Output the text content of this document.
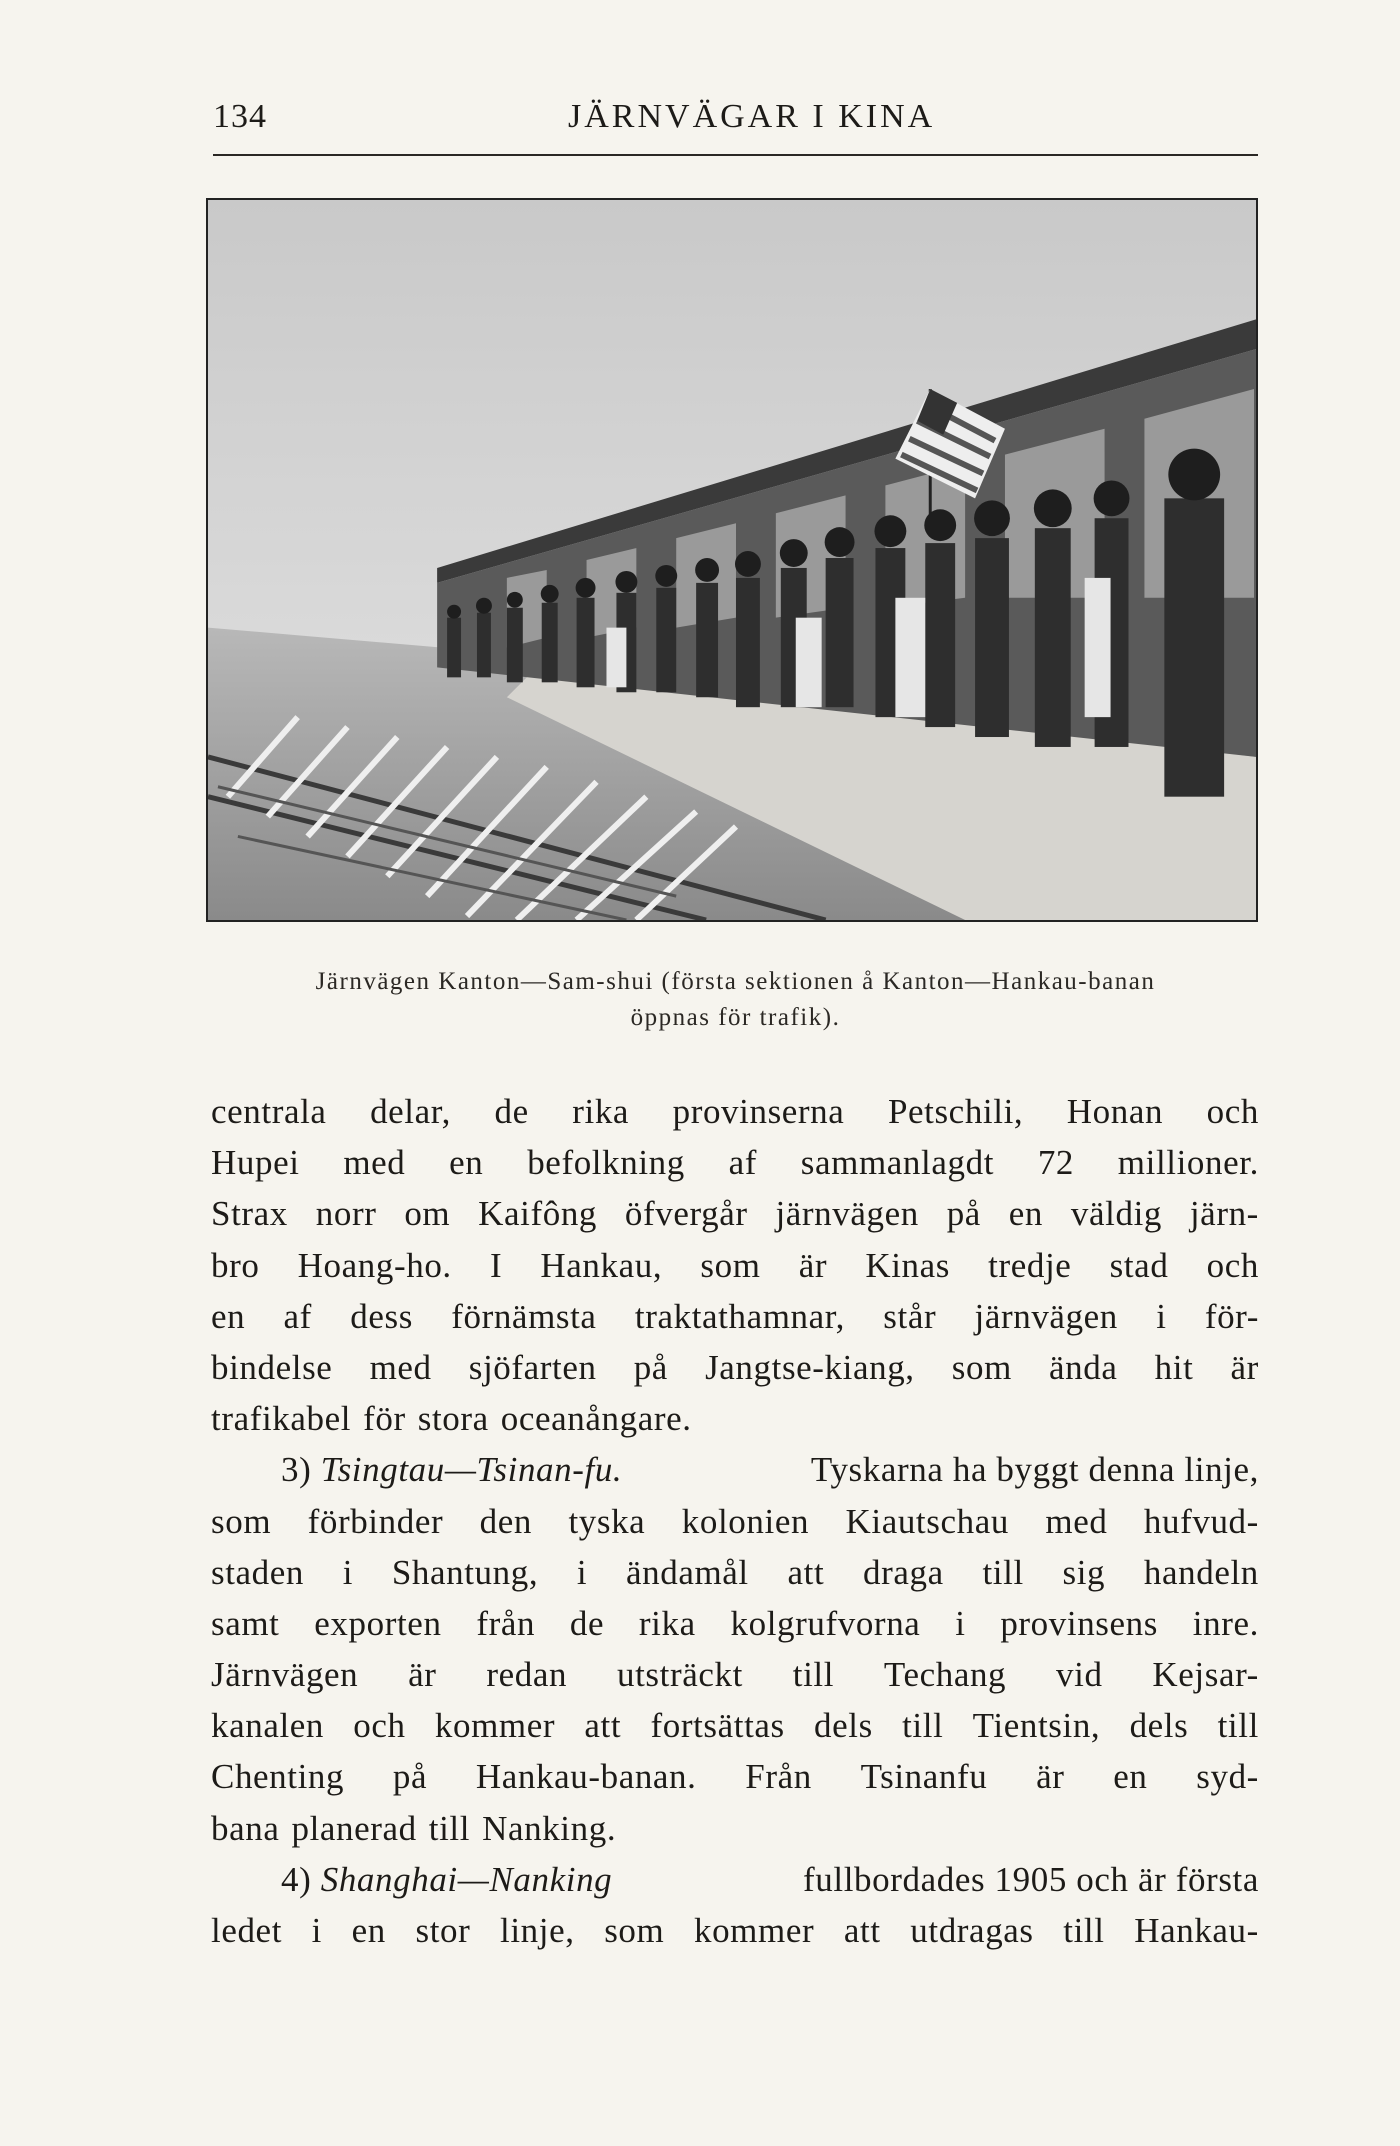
134	JÄRNVÄGAR I KINA
Järnvägen Kanton—Sam-shui (första sektionen å Kanton—Hankau-banan
öppnas för trafik).
centrala delar, de rika provinserna Petschili, Honan och
Hupei med en befolkning af sammanlagdt 72 millioner.
Strax norr om Kaifông öfvergår järnvägen på en väldig järn-
bro Hoang-ho. I Hankau, som är Kinas tredje stad och
en af dess förnämsta traktathamnar, står järnvägen i för-
bindelse med sjöfarten på Jangtse-kiang, som ända hit är
trafikabel för stora oceanångare.
3) Tsingtau—Tsinan-fu.	Tyskarna ha byggt denna linje,
som förbinder den tyska kolonien Kiautschau med hufvud-
staden i Shantung, i ändamål att draga till sig handeln
samt exporten från de rika kolgrufvorna i provinsens inre.
Järnvägen är redan utsträckt till Techang vid Kejsar-
kanalen och kommer att fortsättas dels till Tientsin, dels till
Chenting på Hankau-banan. Från Tsinanfu är en syd-
bana planerad till Nanking.
4) Shanghai—Nanking	fullbordades 1905 och är första
ledet i en stor linje, som kommer att utdragas till Hankau-
